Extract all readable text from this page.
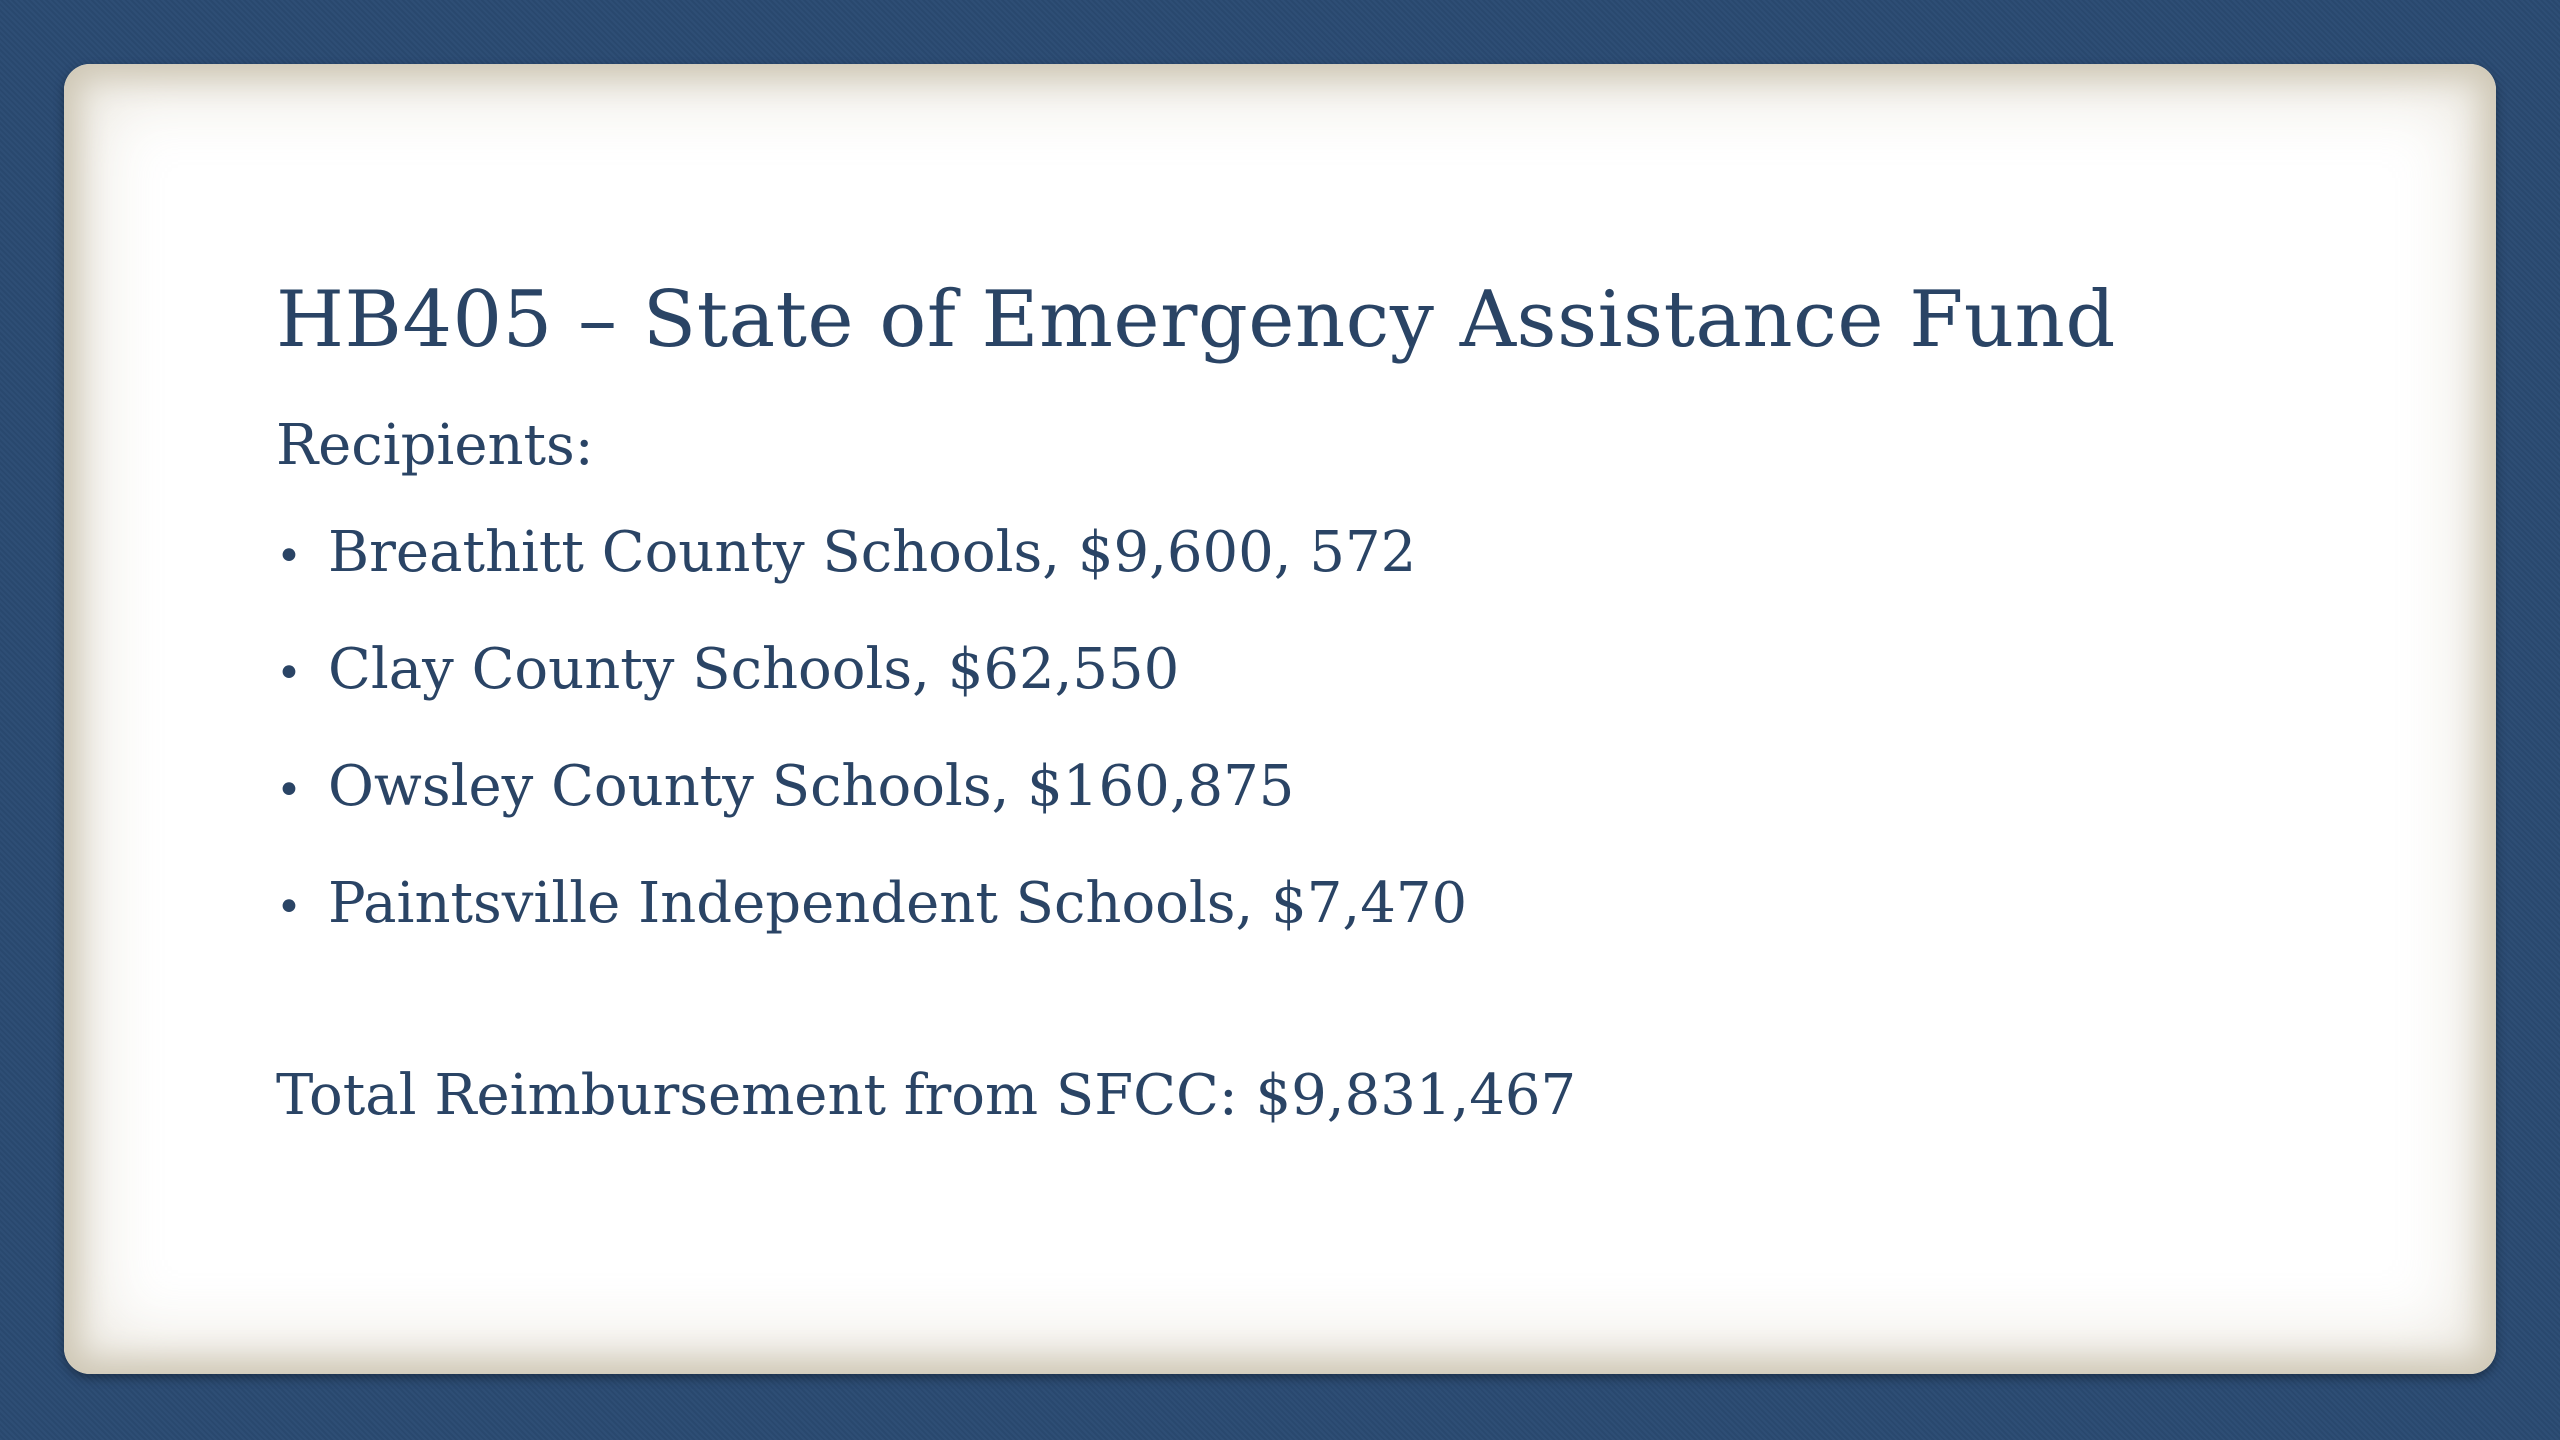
HB405 – State of Emergency Assistance Fund

Recipients:

• Breathitt County Schools, $9,600, 572
• Clay County Schools, $62,550
• Owsley County Schools, $160,875
• Paintsville Independent Schools, $7,470

Total Reimbursement from SFCC: $9,831,467
